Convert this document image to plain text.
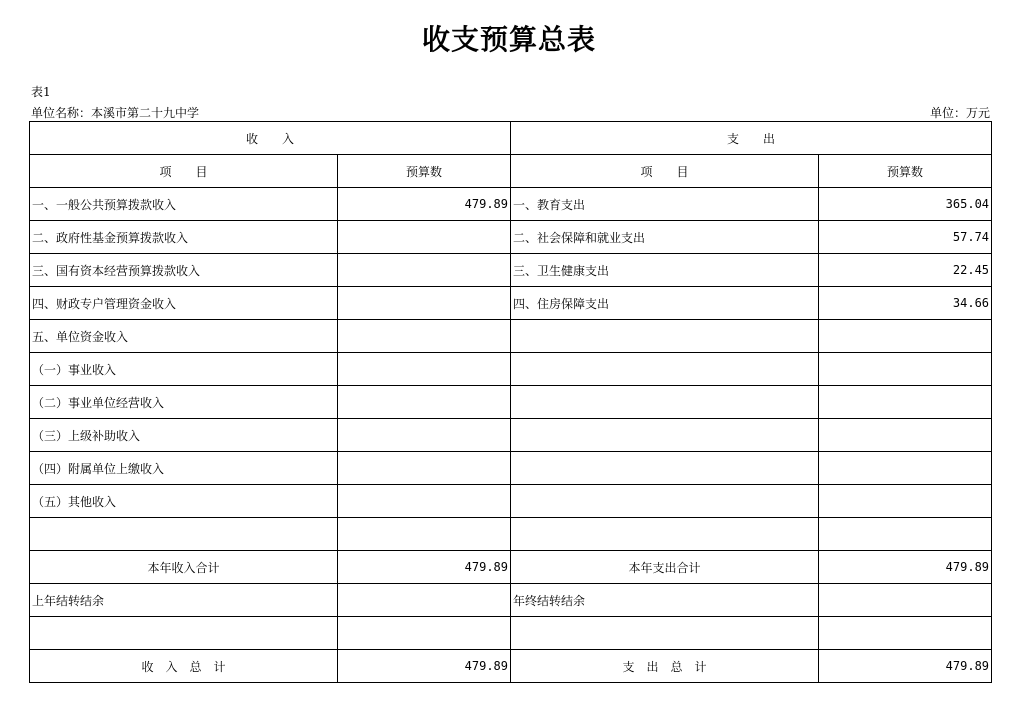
收支预算总表
表1
单位名称：本溪市第二十九中学	单位：万元
收　　入		支　　出	
项　　目	预算数	项　　目	预算数
一、一般公共预算拨款收入	479.89	一、教育支出	365.04
二、政府性基金预算拨款收入		二、社会保障和就业支出	57.74
三、国有资本经营预算拨款收入		三、卫生健康支出	22.45
四、财政专户管理资金收入		四、住房保障支出	34.66
五、单位资金收入			
（一）事业收入			
（二）事业单位经营收入			
（三）上级补助收入			
（四）附属单位上缴收入			
（五）其他收入			

本年收入合计	479.89	本年支出合计	479.89
上年结转结余		年终结转结余	

收　入　总　计	479.89	支　出　总　计	479.89
